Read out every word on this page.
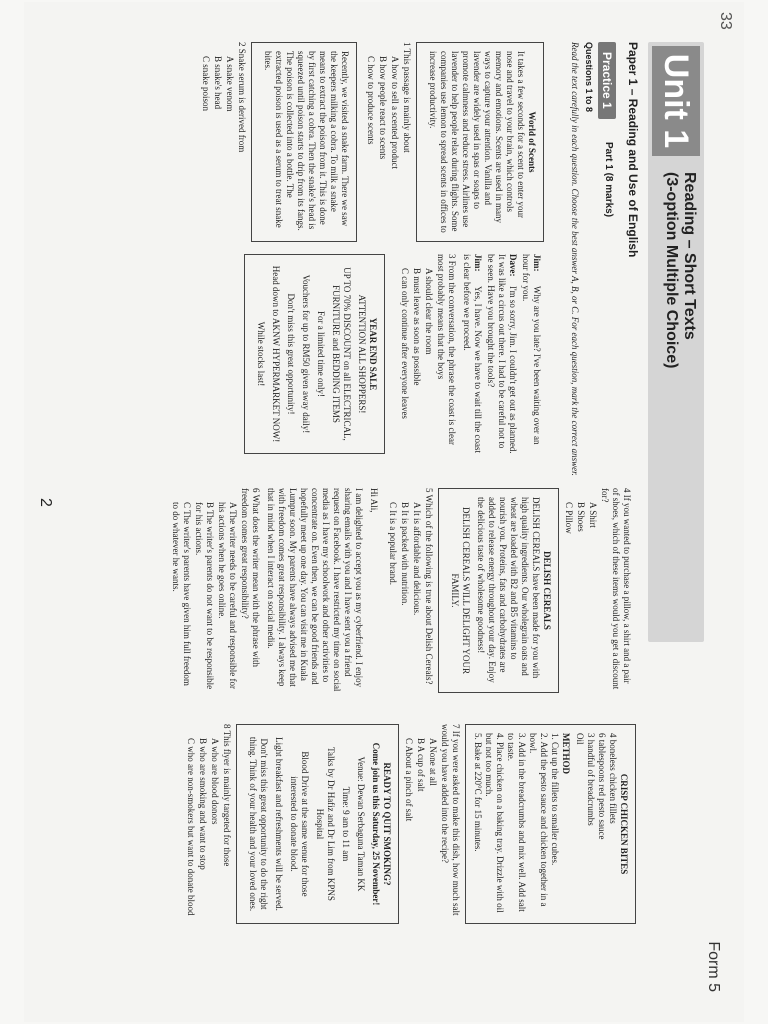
33
Form 5
Unit 1
Reading – Short Texts
(3-option Multiple Choice)
Paper 1 – Reading and Use of English
Practice 1
Part 1 (8 marks)
Questions 1 to 8
Read the text carefully in each question. Choose the best answer A, B, or C. For each question, mark the correct answer.
World of Scents

It takes a few seconds for a scent to enter your nose and travel to your brain, which controls memory and emotions. Scents are used in many ways to capture your attention. Vanilla and lavender are widely used in spas or soaps to promote calmness and reduce stress. Airlines use lavender to help people relax during flights. Some companies use lemon to spread scents in offices to increase productivity.

1 This passage is mainly about
A how to sell a scented product
B how people react to scents
C how to produce scents

Recently, we visited a snake farm. There we saw the keepers milking a cobra. To milk a snake means to extract the poison from it. This is done by first catching a cobra. Then the snake's head is squeezed until poison starts to drip from its fangs. The poison is collected into a bottle. The extracted poison is used as a serum to treat snake bites.

2 Snake serum is derived from
A snake venom
B snake's head
C snake poison
Jim:Why are you late? I've been waiting over an hour for you.
Dave:I'm so sorry, Jim. I couldn't get out as planned. It was like a circus out there. I had to be careful not to be seen. Have you brought the tools?
Jim:Yes, I have. Now we have to wait till the coast is clear before we proceed.
3 From the conversation, the phrase the coast is clear most probably means that the boys
A should clear the room
B must leave as soon as possible
C can only continue after everyone leaves
YEAR END SALE

ATTENTION ALL SHOPPERS!

UP TO 70% DISCOUNT on all ELECTRICAL, FURNITURE and BEDDING ITEMS

For a limited time only!

Vouchers for up to RM50 given away daily!

Don't miss this great opportunity!

Head down to AKNW HYPERMARKET NOW!

While stocks last!

4 If you wanted to purchase a pillow, a shirt and a pair of shoes, which of these items would you get a discount for?
A Shirt
B Shoes
C Pillow
DELISH CEREALS

DELISH CEREALS have been made for you with high quality ingredients. Our wholegrain oats and wheat are loaded with B2 and B5 vitamins to nourish you. Proteins, fats and carbohydrates are added to release energy throughout your day. Enjoy the delicious taste of wholesome goodness!

DELISH CEREALS WILL DELIGHT YOUR FAMILY.

5 Which of the following is true about Delish Cereals?
A It is affordable and delicious.
B It is packed with nutrition.
C It is a popular brand.

Hi Ali,

I am delighted to accept you as my cyberfriend. I enjoy sharing emails with you and I have sent you a friend request on Facebook. I have restricted my time on social media as I have my schoolwork and other activities to concentrate on. Even then, we can be good friends and hopefully meet up one day. You can visit me in Kuala Lumpur soon. My parents have always advised me that with freedom comes great responsibility. I always keep that in mind when I interact on social media.

6 What does the writer mean with the phrase with freedom comes great responsibility?
A The writer needs to be careful and responsible for his actions when he goes online.
B The writer's parents do not want to be responsible for his actions.
C The writer's parents have given him full freedom to do whatever he wants.
CRISP CHICKEN BITES
4 boneless chicken fillets
6 tablespoons red pesto sauce
3 handful of breadcrumbs
Oil
METHOD
1. Cut up the fillets to smaller cubes.
2. Add the pesto sauce and chicken together in a bowl.
3. Add in the breadcrumbs and mix well. Add salt to taste.
4. Place chicken on a baking tray. Drizzle with oil but not too much.
5. Bake at 220°C for 15 minutes.
7 If you were asked to make this dish, how much salt would you have added into the recipe?
A None at all
B A cup of salt
C About a pinch of salt
READY TO QUIT SMOKING?

Come join us this Saturday, 25 November!

Venue: Dewan Serbaguna Taman KK

Time: 9 am to 11 am

Talks by Dr Hafiz and Dr Lim from KPNS Hospital

Blood Drive at the same venue for those interested to donate blood.

Light breakfast and refreshments will be served.

Don't miss this great opportunity to do the right thing. Think of your health and your loved ones.

8 This flyer is mainly targeted for those
A who are blood donors
B who are smoking and want to stop
C who are non-smokers but want to donate blood
2
